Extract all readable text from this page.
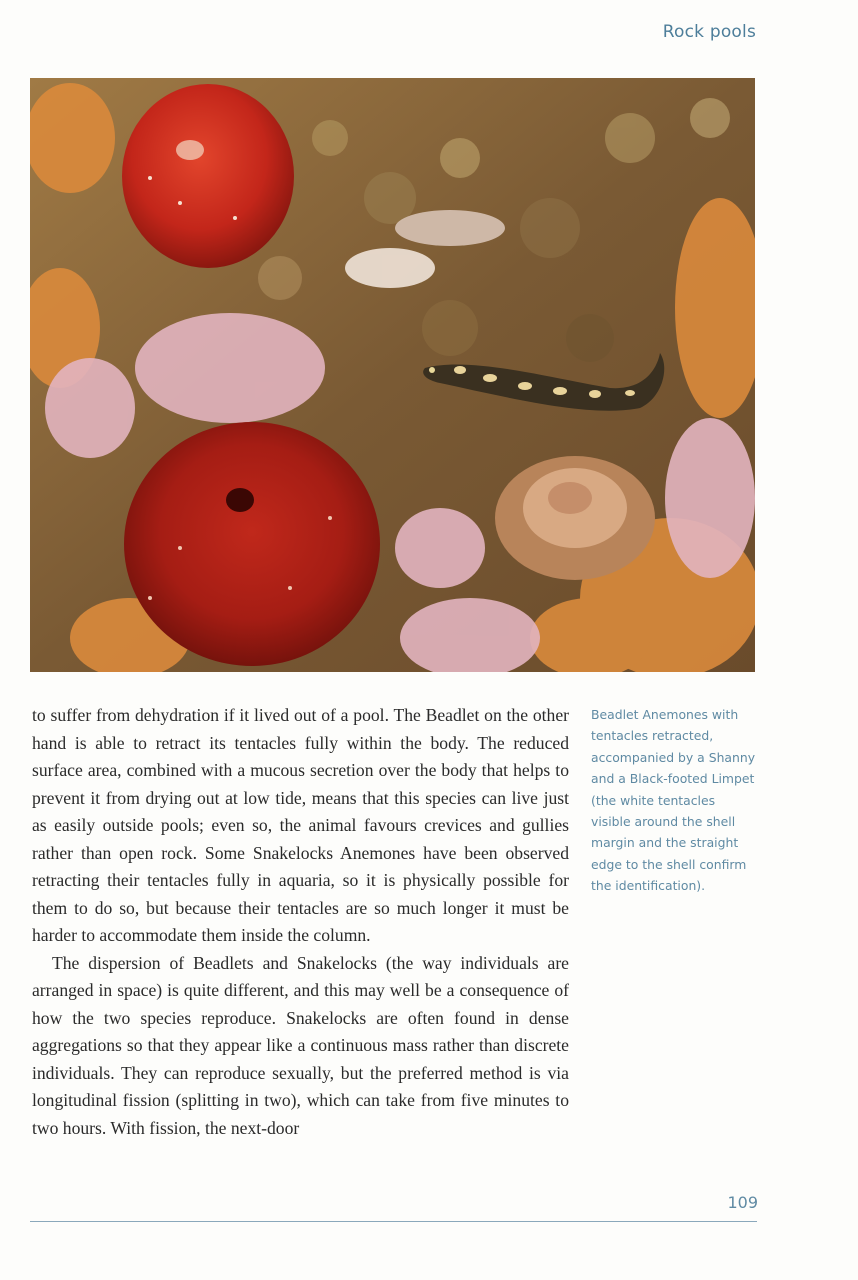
Rock pools

to suffer from dehydration if it lived out of a pool. The Beadlet on the other hand is able to retract its tentacles fully within the body. The reduced surface area, combined with a mucous secretion over the body that helps to prevent it from drying out at low tide, means that this species can live just as easily outside pools; even so, the animal favours crevices and gullies rather than open rock. Some Snakelocks Anemones have been observed retracting their tentacles fully in aquaria, so it is physically possible for them to do so, but because their tentacles are so much longer it must be harder to accommodate them inside the column.

The dispersion of Beadlets and Snakelocks (the way individuals are arranged in space) is quite different, and this may well be a consequence of how the two species reproduce. Snakelocks are often found in dense aggregations so that they appear like a continuous mass rather than discrete individuals. They can reproduce sexually, but the preferred method is via longitudinal fission (splitting in two), which can take from five minutes to two hours. With fission, the next-door

Beadlet Anemones with tentacles retracted, accompanied by a Shanny and a Black-footed Limpet (the white tentacles visible around the shell margin and the straight edge to the shell confirm the identification).
109
